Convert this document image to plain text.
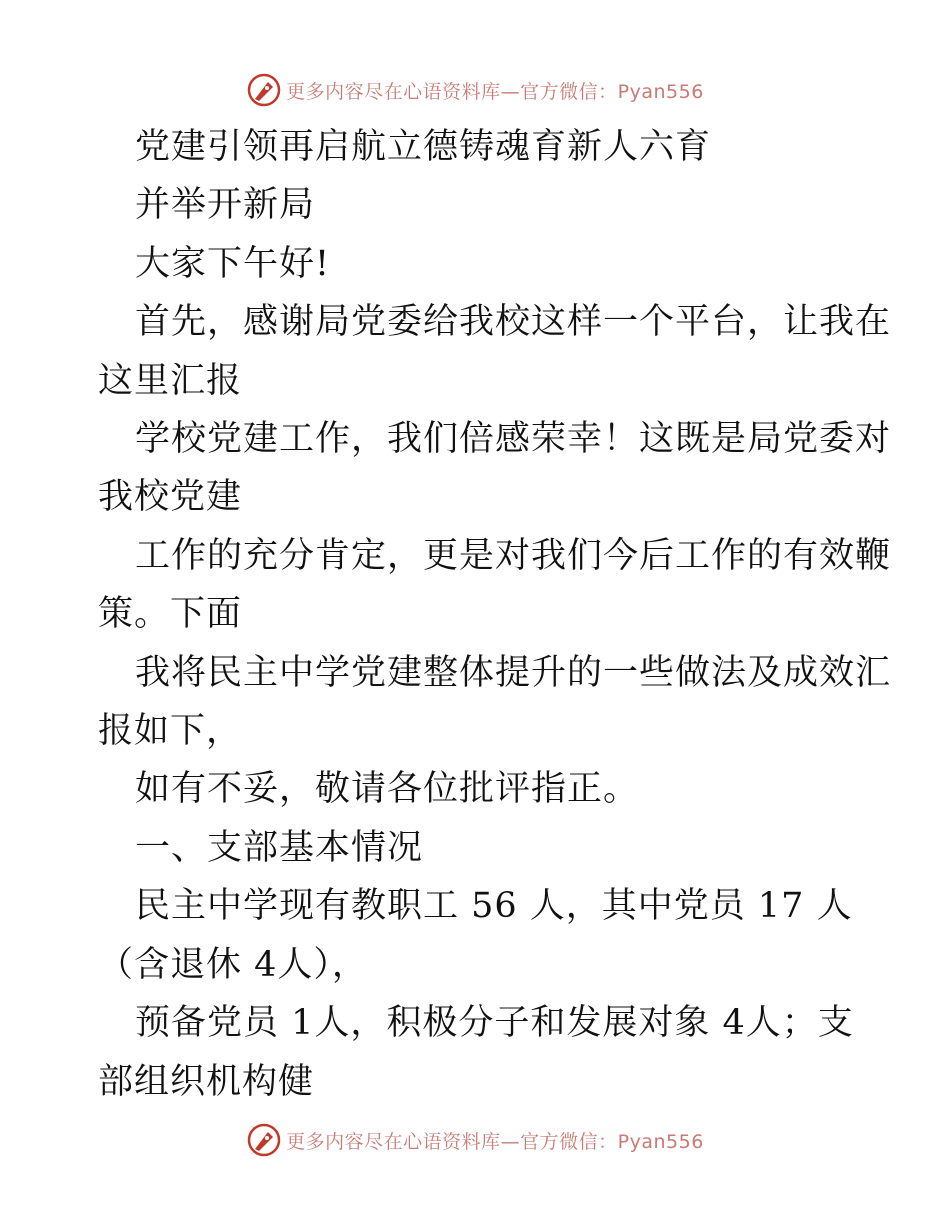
更多内容尽在心语资料库—官方微信：Pyan556
党建引领再启航立德铸魂育新人六育
并举开新局
大家下午好!
首先，感谢局党委给我校这样一个平台，让我在
这里汇报
学校党建工作，我们倍感荣幸！这既是局党委对
我校党建
工作的充分肯定，更是对我们今后工作的有效鞭
策。下面
我将民主中学党建整体提升的一些做法及成效汇
报如下，
如有不妥，敬请各位批评指正。
一、支部基本情况
民主中学现有教职工 56 人，其中党员 17 人
（含退休 4人），
预备党员 1人，积极分子和发展对象 4人；支
部组织机构健
更多内容尽在心语资料库—官方微信：Pyan556
